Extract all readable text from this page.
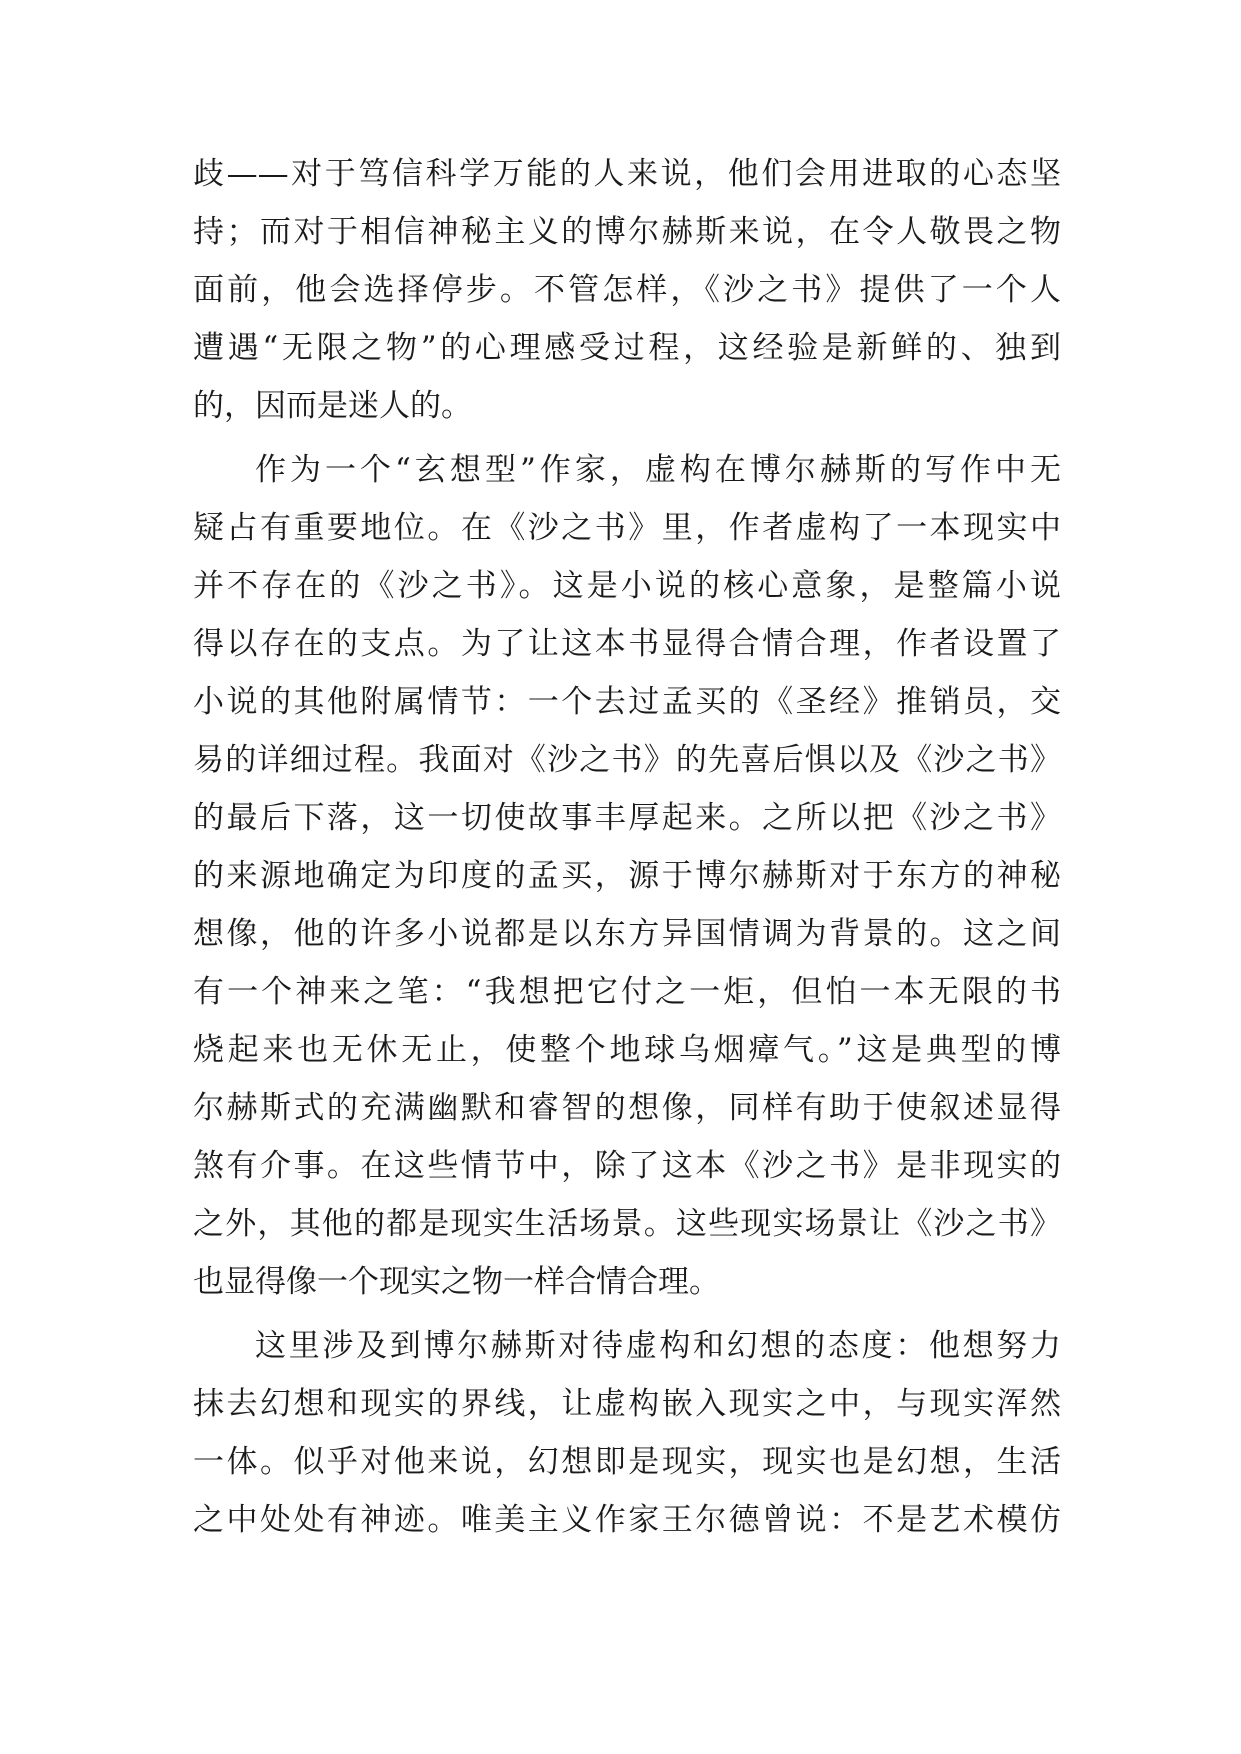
歧——对于笃信科学万能的人来说，他们会用进取的心态坚
持；而对于相信神秘主义的博尔赫斯来说，在令人敬畏之物
面前，他会选择停步。不管怎样，《沙之书》提供了一个人
遭遇“无限之物”的心理感受过程，这经验是新鲜的、独到
的，因而是迷人的。
作为一个“玄想型”作家，虚构在博尔赫斯的写作中无
疑占有重要地位。在《沙之书》里，作者虚构了一本现实中
并不存在的《沙之书》。这是小说的核心意象，是整篇小说
得以存在的支点。为了让这本书显得合情合理，作者设置了
小说的其他附属情节：一个去过孟买的《圣经》推销员，交
易的详细过程。我面对《沙之书》的先喜后惧以及《沙之书》
的最后下落，这一切使故事丰厚起来。之所以把《沙之书》
的来源地确定为印度的孟买，源于博尔赫斯对于东方的神秘
想像，他的许多小说都是以东方异国情调为背景的。这之间
有一个神来之笔：“我想把它付之一炬，但怕一本无限的书
烧起来也无休无止，使整个地球乌烟瘴气。”这是典型的博
尔赫斯式的充满幽默和睿智的想像，同样有助于使叙述显得
煞有介事。在这些情节中，除了这本《沙之书》是非现实的
之外，其他的都是现实生活场景。这些现实场景让《沙之书》
也显得像一个现实之物一样合情合理。
这里涉及到博尔赫斯对待虚构和幻想的态度：他想努力
抹去幻想和现实的界线，让虚构嵌入现实之中，与现实浑然
一体。似乎对他来说，幻想即是现实，现实也是幻想，生活
之中处处有神迹。唯美主义作家王尔德曾说：不是艺术模仿
